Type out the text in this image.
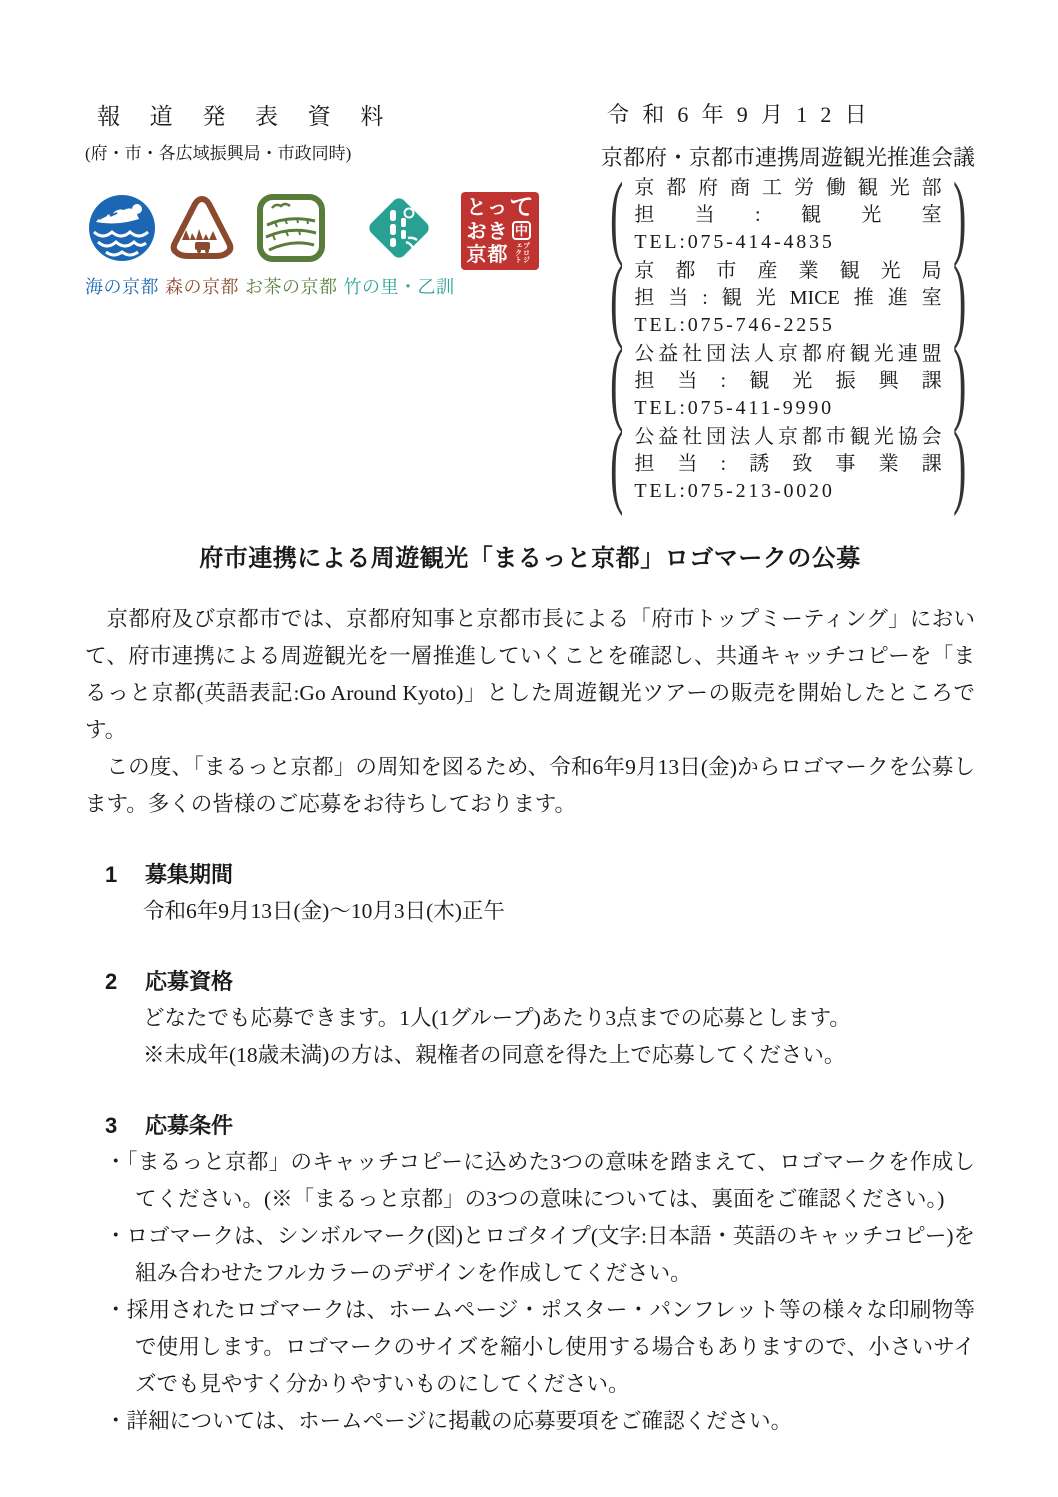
報 道 発 表 資 料
(府・市・各広域振興局・市政同時)
海の京都 森の京都 お茶の京都 竹の里・乙訓
とっ
おき
京都
て
中
プロジェクト
令和6年9月12日
京都府・京都市連携周遊観光推進会議
( 京都府商工労働観光部
担当:観光室
TEL:075-414-4835	)
( 京都市産業観光局
担当:観光MICE推進室
TEL:075-746-2255	)
( 公益社団法人京都府観光連盟
担当:観光振興課
TEL:075-411-9990	)
( 公益社団法人京都市観光協会
担当:誘致事業課
TEL:075-213-0020	)
府市連携による周遊観光「まるっと京都」ロゴマークの公募

京都府及び京都市では、京都府知事と京都市長による「府市トップミーティング」において、府市連携による周遊観光を一層推進していくことを確認し、共通キャッチコピーを「まるっと京都(英語表記:Go Around Kyoto)」とした周遊観光ツアーの販売を開始したところです。

この度、「まるっと京都」の周知を図るため、令和6年9月13日(金)からロゴマークを公募します。多くの皆様のご応募をお待ちしております。

1	募集期間
令和6年9月13日(金)〜10月3日(木)正午
2	応募資格
どなたでも応募できます。1人(1グループ)あたり3点までの応募とします。
※未成年(18歳未満)の方は、親権者の同意を得た上で応募してください。
3	応募条件
・「まるっと京都」のキャッチコピーに込めた3つの意味を踏まえて、ロゴマークを作成してください。(※「まるっと京都」の3つの意味については、裏面をご確認ください。)
・ロゴマークは、シンボルマーク(図)とロゴタイプ(文字:日本語・英語のキャッチコピー)を組み合わせたフルカラーのデザインを作成してください。
・採用されたロゴマークは、ホームページ・ポスター・パンフレット等の様々な印刷物等で使用します。ロゴマークのサイズを縮小し使用する場合もありますので、小さいサイズでも見やすく分かりやすいものにしてください。
・詳細については、ホームページに掲載の応募要項をご確認ください。
